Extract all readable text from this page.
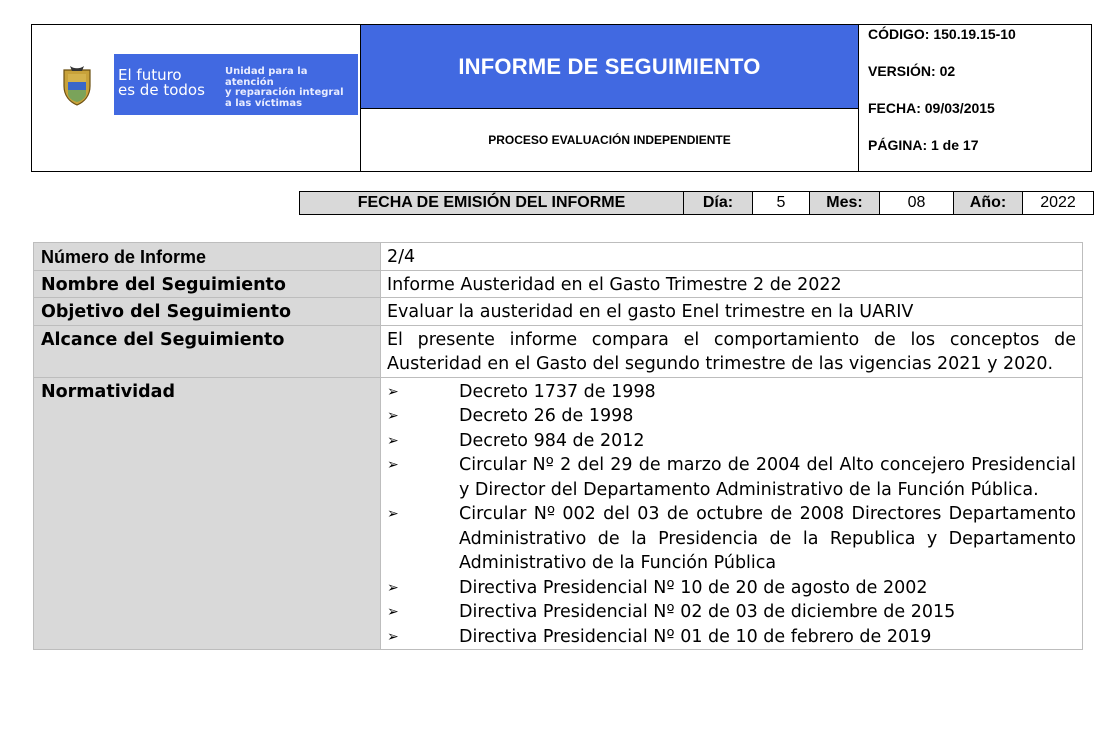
El futuro
es de todos
Unidad para la atención
y reparación integral
a las víctimas
INFORME DE SEGUIMIENTO
PROCESO EVALUACIÓN INDEPENDIENTE
CÓDIGO: 150.19.15-10
VERSIÓN: 02
FECHA: 09/03/2015
PÁGINA: 1 de 17
FECHA DE EMISIÓN DEL INFORME	Día:	5	Mes:	08	Año:	2022
Número de Informe	2/4
Nombre del Seguimiento	Informe Austeridad en el Gasto Trimestre 2 de 2022
Objetivo del Seguimiento	Evaluar la austeridad en el gasto Enel trimestre en la UARIV
Alcance del Seguimiento	El presente informe compara el comportamiento de los conceptos de Austeridad en el Gasto del segundo trimestre de las vigencias 2021 y 2020.
Normatividad	➢	Decreto 1737 de 1998
➢	Decreto 26 de 1998
➢	Decreto 984 de 2012
➢	Circular Nº 2 del 29 de marzo de 2004 del Alto concejero Presidencial y Director del Departamento Administrativo de la Función Pública.
➢	Circular Nº 002 del 03 de octubre de 2008 Directores Departamento Administrativo de la Presidencia de la Republica y Departamento Administrativo de la Función Pública
➢	Directiva Presidencial Nº 10 de 20 de agosto de 2002
➢	Directiva Presidencial Nº 02 de 03 de diciembre de 2015
➢	Directiva Presidencial Nº 01 de 10 de febrero de 2019
